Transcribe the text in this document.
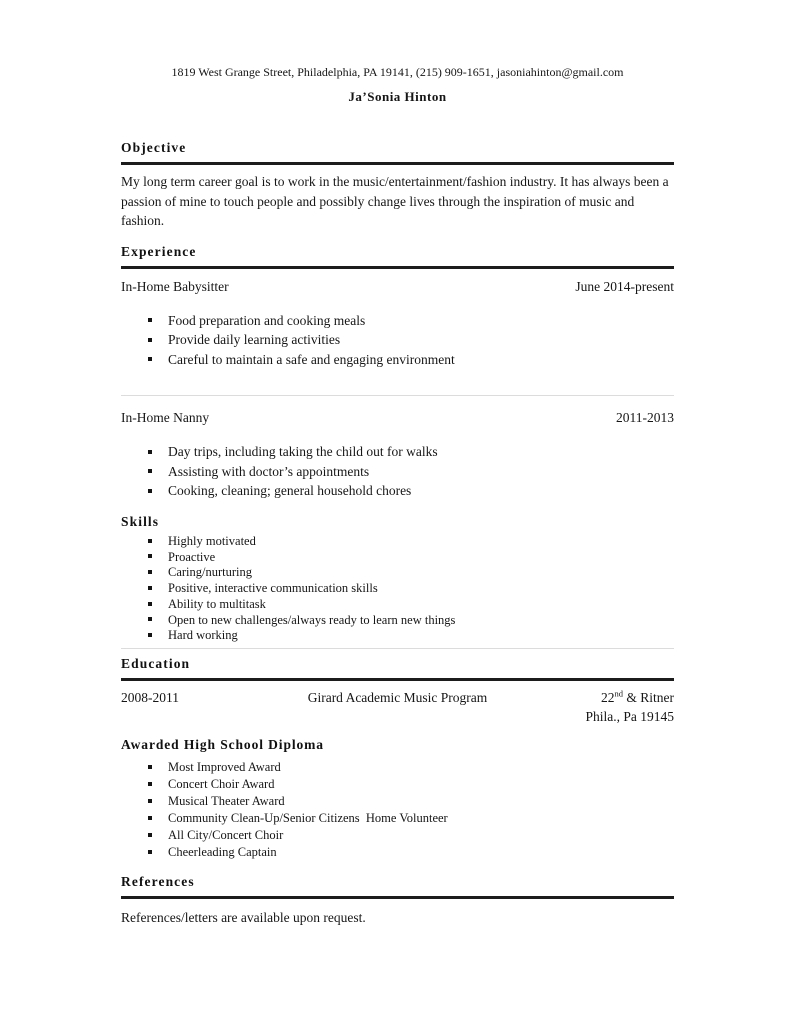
1819 West Grange Street, Philadelphia, PA 19141, (215) 909-1651, jasoniahinton@gmail.com
Ja’Sonia Hinton
Objective

My long term career goal is to work in the music/entertainment/fashion industry. It has always been a passion of mine to touch people and possibly change lives through the inspiration of music and fashion.

Experience
In-Home Babysitter	June 2014-present
Food preparation and cooking meals
Provide daily learning activities
Careful to maintain a safe and engaging environment
In-Home Nanny	2011-2013
Day trips, including taking the child out for walks
Assisting with doctor’s appointments
Cooking, cleaning; general household chores
Skills
Highly motivated
Proactive
Caring/nurturing
Positive, interactive communication skills
Ability to multitask
Open to new challenges/always ready to learn new things
Hard working
Education
2008-2011	Girard Academic Music Program	22nd & Ritner
Phila., Pa 19145
Awarded High School Diploma
Most Improved Award
Concert Choir Award
Musical Theater Award
Community Clean-Up/Senior Citizens  Home Volunteer
All City/Concert Choir
Cheerleading Captain
References

References/letters are available upon request.
